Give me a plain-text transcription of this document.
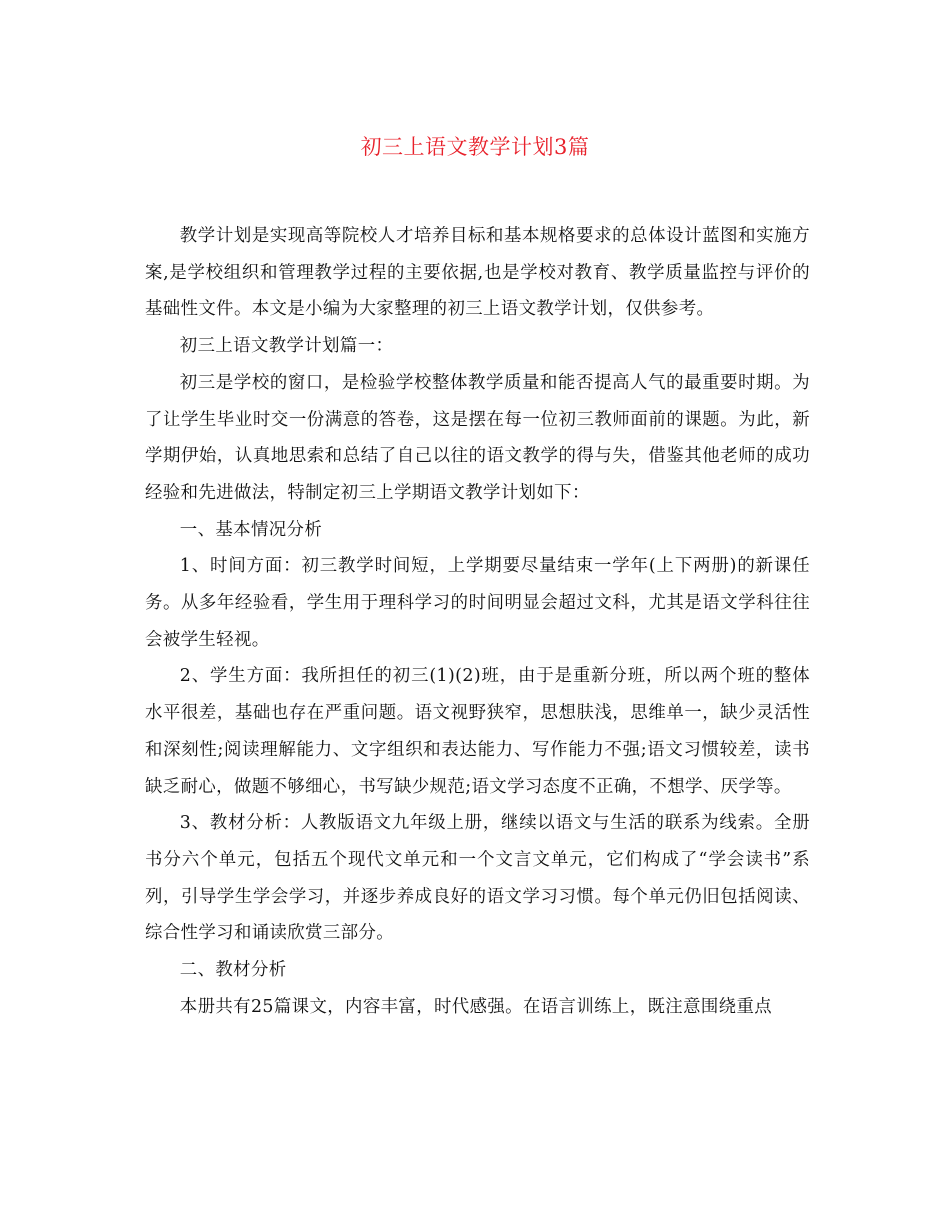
初三上语文教学计划3篇

教学计划是实现高等院校人才培养目标和基本规格要求的总体设计蓝图和实施方案,是学校组织和管理教学过程的主要依据,也是学校对教育、教学质量监控与评价的基础性文件。本文是小编为大家整理的初三上语文教学计划，仅供参考。

初三上语文教学计划篇一：

初三是学校的窗口，是检验学校整体教学质量和能否提高人气的最重要时期。为了让学生毕业时交一份满意的答卷，这是摆在每一位初三教师面前的课题。为此，新学期伊始，认真地思索和总结了自己以往的语文教学的得与失，借鉴其他老师的成功经验和先进做法，特制定初三上学期语文教学计划如下：

一、基本情况分析

1、时间方面：初三教学时间短，上学期要尽量结束一学年(上下两册)的新课任务。从多年经验看，学生用于理科学习的时间明显会超过文科，尤其是语文学科往往会被学生轻视。

2、学生方面：我所担任的初三(1)(2)班，由于是重新分班，所以两个班的整体水平很差，基础也存在严重问题。语文视野狭窄，思想肤浅，思维单一，缺少灵活性和深刻性;阅读理解能力、文字组织和表达能力、写作能力不强;语文习惯较差，读书缺乏耐心，做题不够细心，书写缺少规范;语文学习态度不正确，不想学、厌学等。

3、教材分析：人教版语文九年级上册，继续以语文与生活的联系为线索。全册书分六个单元，包括五个现代文单元和一个文言文单元，它们构成了“学会读书”系列，引导学生学会学习，并逐步养成良好的语文学习习惯。每个单元仍旧包括阅读、综合性学习和诵读欣赏三部分。

二、教材分析

本册共有25篇课文，内容丰富，时代感强。在语言训练上，既注意围绕重点
